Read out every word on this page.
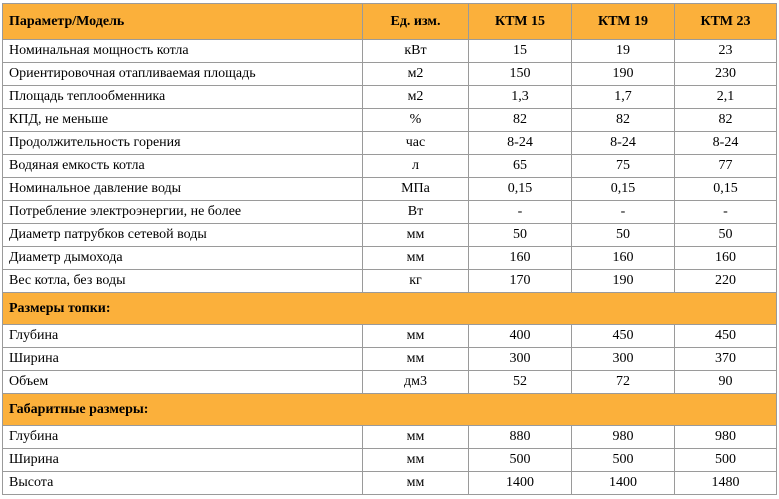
Параметр/Модель	Ед. изм.	КТМ 15	КТМ 19	КТМ 23
Номинальная мощность котла	кВт	15	19	23
Ориентировочная отапливаемая площадь	м2	150	190	230
Площадь теплообменника	м2	1,3	1,7	2,1
КПД, не меньше	%	82	82	82
Продолжительность горения	час	8-24	8-24	8-24
Водяная емкость котла	л	65	75	77
Номинальное давление воды	МПа	0,15	0,15	0,15
Потребление электроэнергии, не более	Вт	-	-	-
Диаметр патрубков сетевой воды	мм	50	50	50
Диаметр дымохода	мм	160	160	160
Вес котла, без воды	кг	170	190	220
Размеры топки:				
Глубина	мм	400	450	450
Ширина	мм	300	300	370
Объем	дм3	52	72	90
Габаритные размеры:				
Глубина	мм	880	980	980
Ширина	мм	500	500	500
Высота	мм	1400	1400	1480
